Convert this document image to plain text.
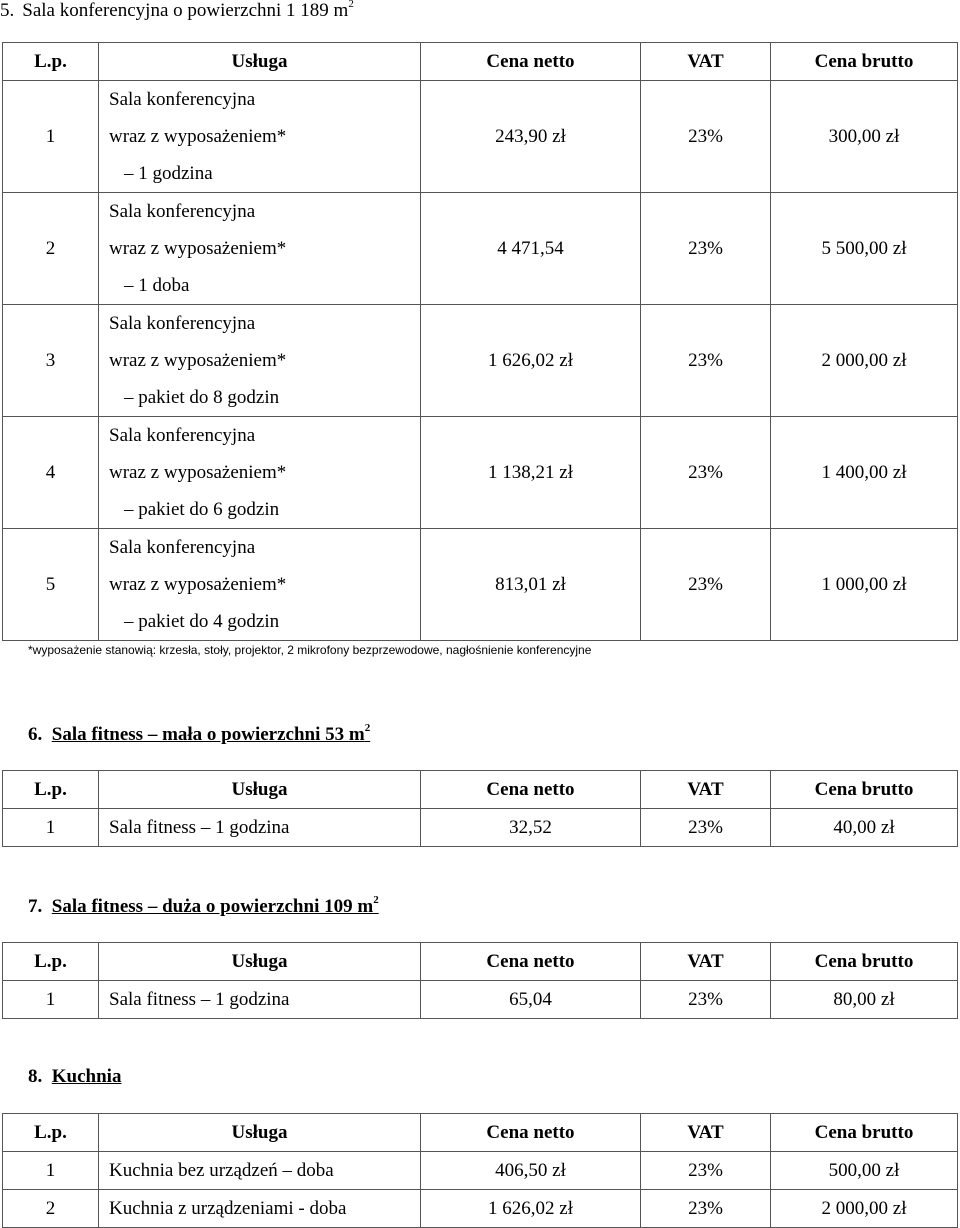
5. Sala konferencyjna o powierzchni 1 189 $m^2$
L.p.	Usługa	Cena netto	VAT	Cena brutto
1	Sala konferencyjna
wraz z wyposażeniem*
– 1 godzina	243,90 zł	23%	300,00 zł
2	Sala konferencyjna
wraz z wyposażeniem*
– 1 doba	4 471,54	23%	5 500,00 zł
3	Sala konferencyjna
wraz z wyposażeniem*
– pakiet do 8 godzin	1 626,02 zł	23%	2 000,00 zł
4	Sala konferencyjna
wraz z wyposażeniem*
– pakiet do 6 godzin	1 138,21 zł	23%	1 400,00 zł
5	Sala konferencyjna
wraz z wyposażeniem*
– pakiet do 4 godzin	813,01 zł	23%	1 000,00 zł
*wyposażenie stanowią: krzesła, stoły, projektor, 2 mikrofony bezprzewodowe, nagłośnienie konferencyjne
6. Sala fitness – mała o powierzchni 53 $m^2$
L.p.	Usługa	Cena netto	VAT	Cena brutto
1	Sala fitness – 1 godzina	32,52	23%	40,00 zł
7. Sala fitness – duża o powierzchni 109 $m^2$
L.p.	Usługa	Cena netto	VAT	Cena brutto
1	Sala fitness – 1 godzina	65,04	23%	80,00 zł
8. Kuchnia
L.p.	Usługa	Cena netto	VAT	Cena brutto
1	Kuchnia bez urządzeń – doba	406,50 zł	23%	500,00 zł
2	Kuchnia z urządzeniami - doba	1 626,02 zł	23%	2 000,00 zł
